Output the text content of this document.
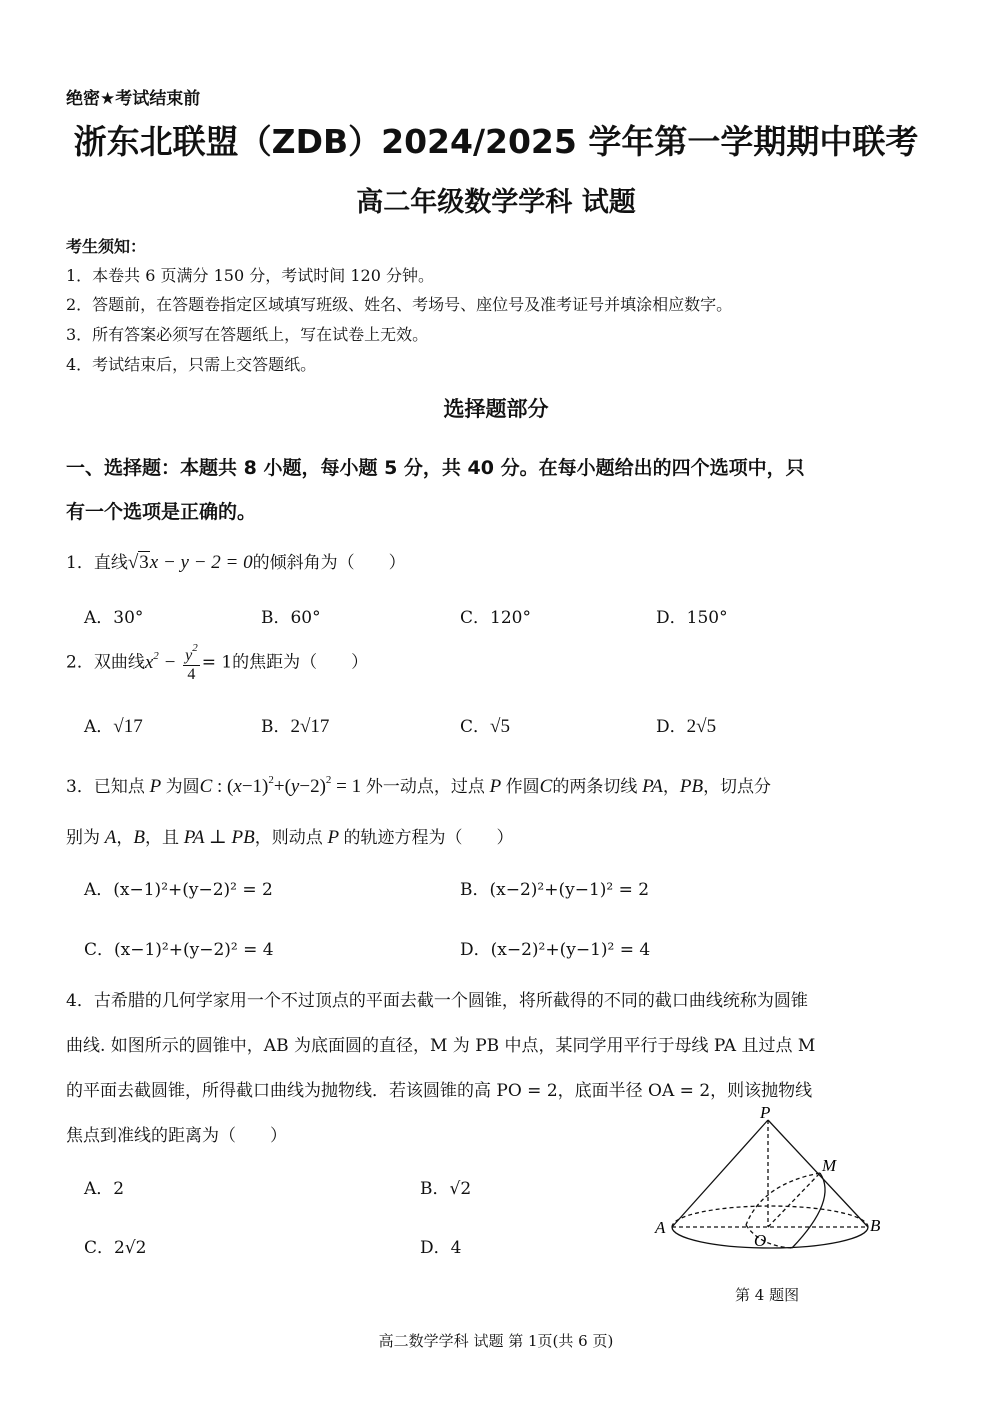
绝密★考试结束前
浙东北联盟（ZDB）2024/2025 学年第一学期期中联考
高二年级数学学科 试题
考生须知：
1．本卷共 6 页满分 150 分，考试时间 120 分钟。
2．答题前，在答题卷指定区域填写班级、姓名、考场号、座位号及准考证号并填涂相应数字。
3．所有答案必须写在答题纸上，写在试卷上无效。
4．考试结束后，只需上交答题纸。
选择题部分
一、选择题：本题共 8 小题，每小题 5 分，共 40 分。在每小题给出的四个选项中，只
有一个选项是正确的。
1．直线√3x − y − 2 = 0的倾斜角为（　　）
A．30°	B．60°	C．120°	D．150°
2．双曲线$x^2 - \frac{y^2}{4} = 1$的焦距为（　　）
A．√17	B．2√17	C．√5	D．2√5
3．已知点 P 为圆C : $(x-1)^2+(y-2)^2 = 1$ 外一动点，过点 P 作圆C的两条切线 PA，PB，切点分
别为 A，B，且 PA ⊥ PB，则动点 P 的轨迹方程为（　　）
A．(x−1)²+(y−2)² = 2	B．(x−2)²+(y−1)² = 2
C．(x−1)²+(y−2)² = 4	D．(x−2)²+(y−1)² = 4
4．古希腊的几何学家用一个不过顶点的平面去截一个圆锥，将所截得的不同的截口曲线统称为圆锥
曲线. 如图所示的圆锥中，AB 为底面圆的直径，M 为 PB 中点，某同学用平行于母线 PA 且过点 M
的平面去截圆锥，所得截口曲线为抛物线．若该圆锥的高 PO = 2，底面半径 OA = 2，则该抛物线
焦点到准线的距离为（　　）
A．2	B．√2
C．2√2	D．4
P
M
A
O
B
第 4 题图
高二数学学科 试题 第 1页(共 6 页)
